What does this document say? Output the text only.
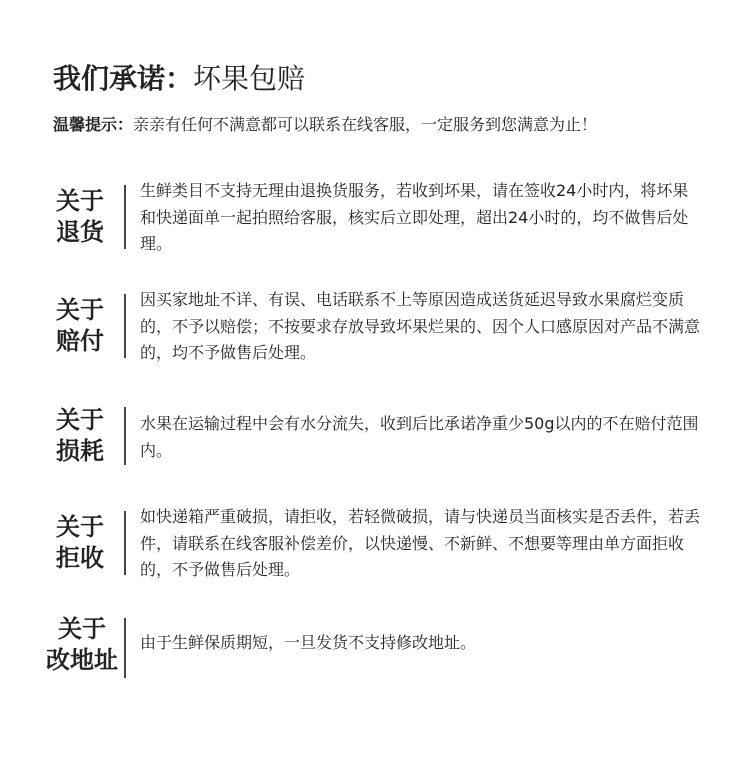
我们承诺：坏果包赔
温馨提示：亲亲有任何不满意都可以联系在线客服，一定服务到您满意为止！
关于
退货
生鲜类目不支持无理由退换货服务，若收到坏果，请在签收24小时内，将坏果和快递面单一起拍照给客服，核实后立即处理，超出24小时的，均不做售后处理。
关于
赔付
因买家地址不详、有误、电话联系不上等原因造成送货延迟导致水果腐烂变质的，不予以赔偿；不按要求存放导致坏果烂果的、因个人口感原因对产品不满意的，均不予做售后处理。
关于
损耗
水果在运输过程中会有水分流失，收到后比承诺净重少50g以内的不在赔付范围内。
关于
拒收
如快递箱严重破损，请拒收，若轻微破损，请与快递员当面核实是否丢件，若丢件，请联系在线客服补偿差价，以快递慢、不新鲜、不想要等理由单方面拒收的，不予做售后处理。
关于
改地址
由于生鲜保质期短，一旦发货不支持修改地址。
